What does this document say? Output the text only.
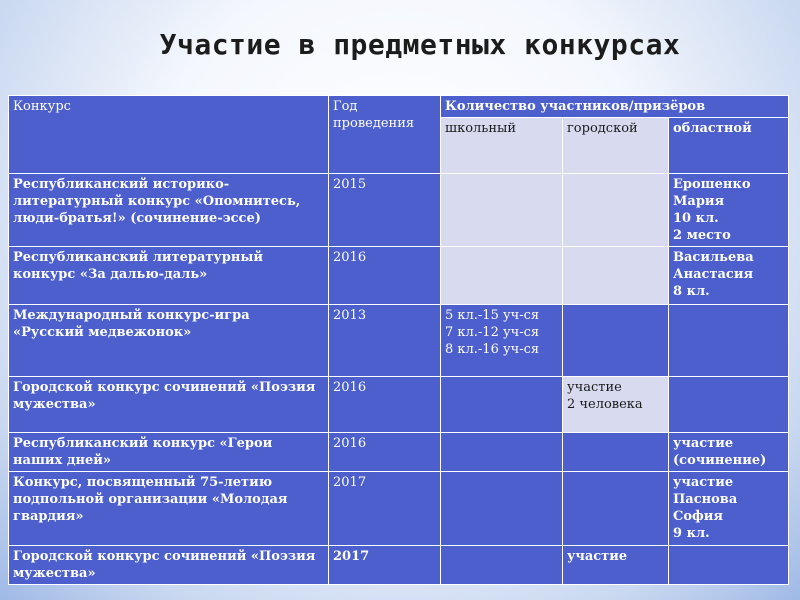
Участие в предметных конкурсах
Конкурс	Год проведения	Количество участников/призёров		
		школьный	городской	областной
Республиканский историко-литературный конкурс «Опомнитесь, люди-братья!» (сочинение-эссе)	2015			Ерошенко
Мария
10 кл.
2 место

Республиканский литературный конкурс «За далью-даль»	2016			Васильева
Анастасия
8 кл.

Международный конкурс-игра «Русский медвежонок»	2013	5 кл.-15 уч-ся
7 кл.-12 уч-ся
8 кл.-16 уч-ся		

Городской конкурс сочинений «Поэзия мужества»	2016		участие
2 человека	

Республиканский конкурс «Герои наших дней»	2016			участие
(сочинение)

Конкурс, посвященный 75-летию подпольной организации «Молодая гвардия»	2017			участие
Паснова
София
9 кл.

Городской конкурс сочинений «Поэзия мужества»	2017		участие	
